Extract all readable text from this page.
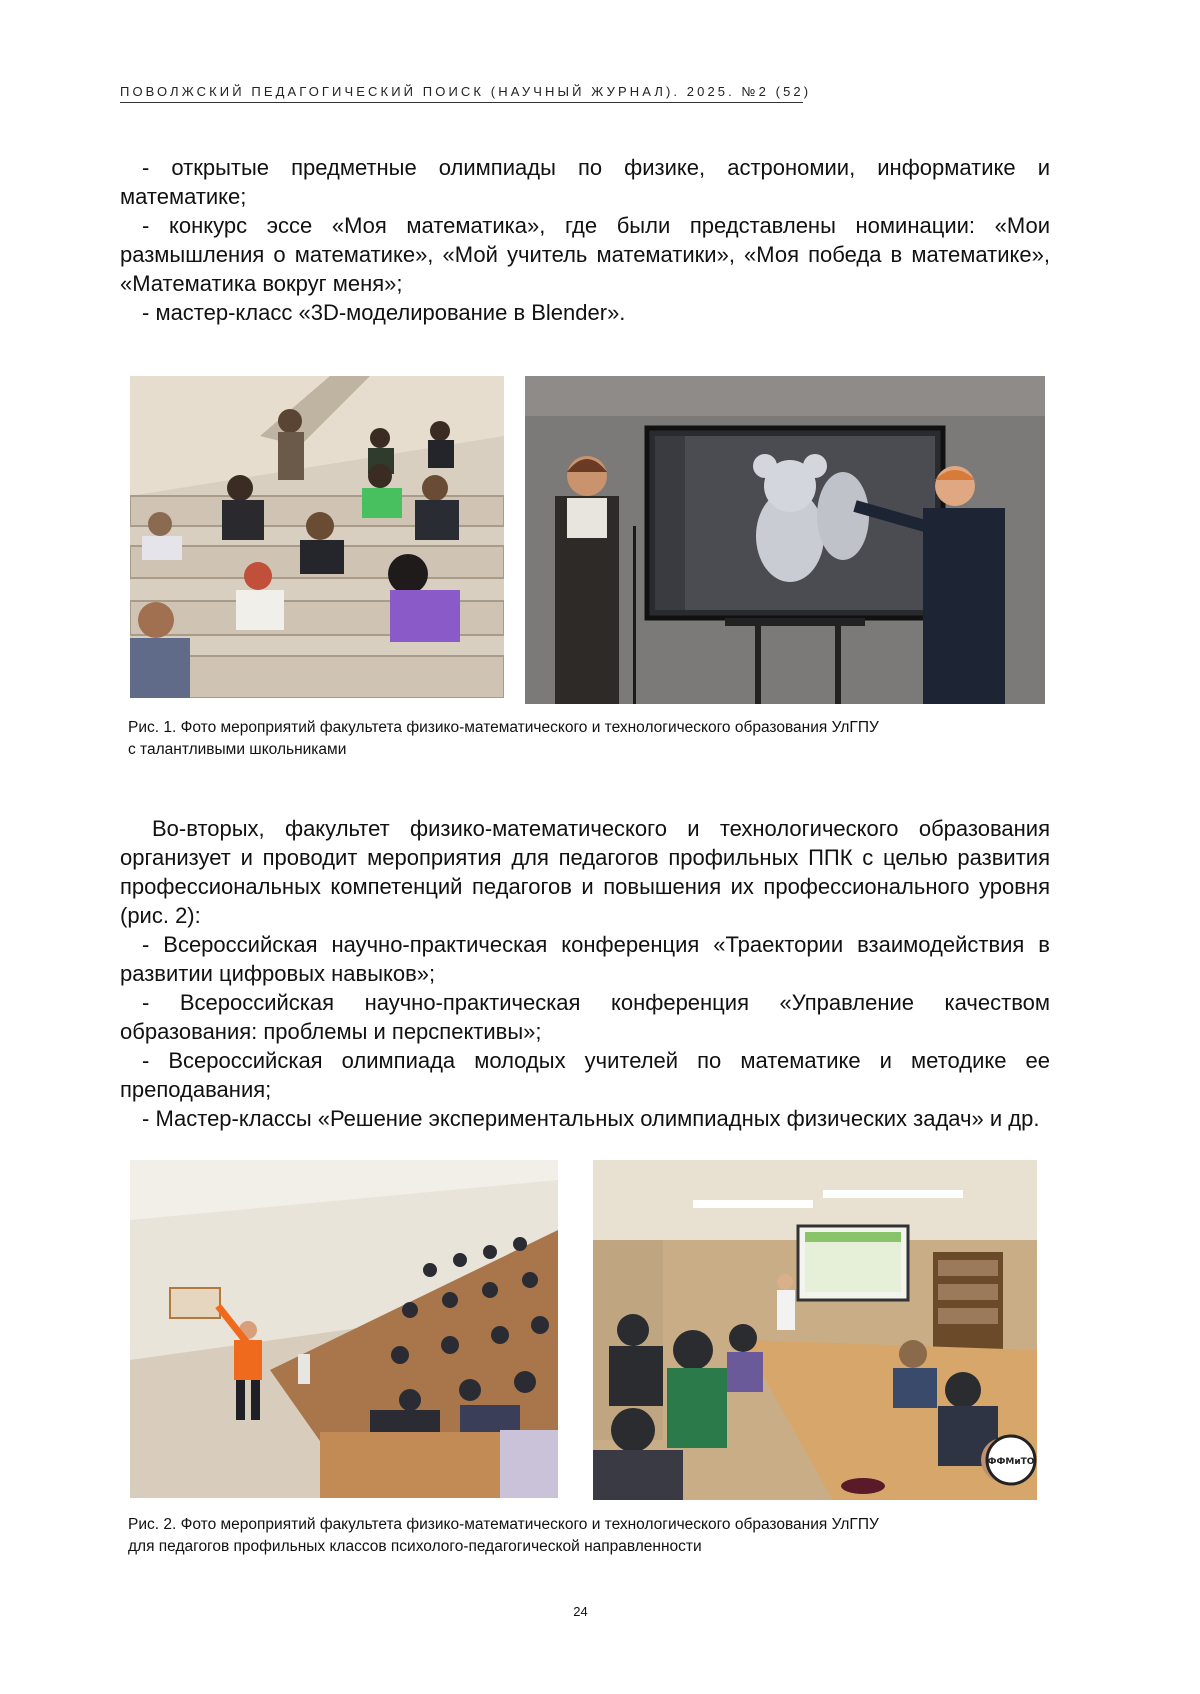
ПОВОЛЖСКИЙ ПЕДАГОГИЧЕСКИЙ ПОИСК (НАУЧНЫЙ ЖУРНАЛ). 2025. №2 (52)

- открытые предметные олимпиады по физике, астрономии, информатике и математике;

- конкурс эссе «Моя математика», где были представлены номинации: «Мои размышления о математике», «Мой учитель математики», «Моя победа в математике», «Математика вокруг меня»;

- мастер-класс «3D-моделирование в Blender».

Рис. 1. Фото мероприятий факультета физико-математического и технологического образования УлГПУ
с талантливыми школьниками

Во-вторых, факультет физико-математического и технологического образования организует и проводит мероприятия для педагогов профильных ППК с целью развития профессиональных компетенций педагогов и повышения их профессионального уровня (рис. 2):

- Всероссийская научно-практическая конференция «Траектории взаимодействия в развитии цифровых навыков»;

- Всероссийская научно-практическая конференция «Управление качеством образования: проблемы и перспективы»;

- Всероссийская олимпиада молодых учителей по математике и методике ее преподавания;

- Мастер-классы «Решение экспериментальных олимпиадных физических задач» и др.

ФФМиТО
Рис. 2. Фото мероприятий факультета физико-математического и технологического образования УлГПУ
для педагогов профильных классов психолого-педагогической направленности
24
